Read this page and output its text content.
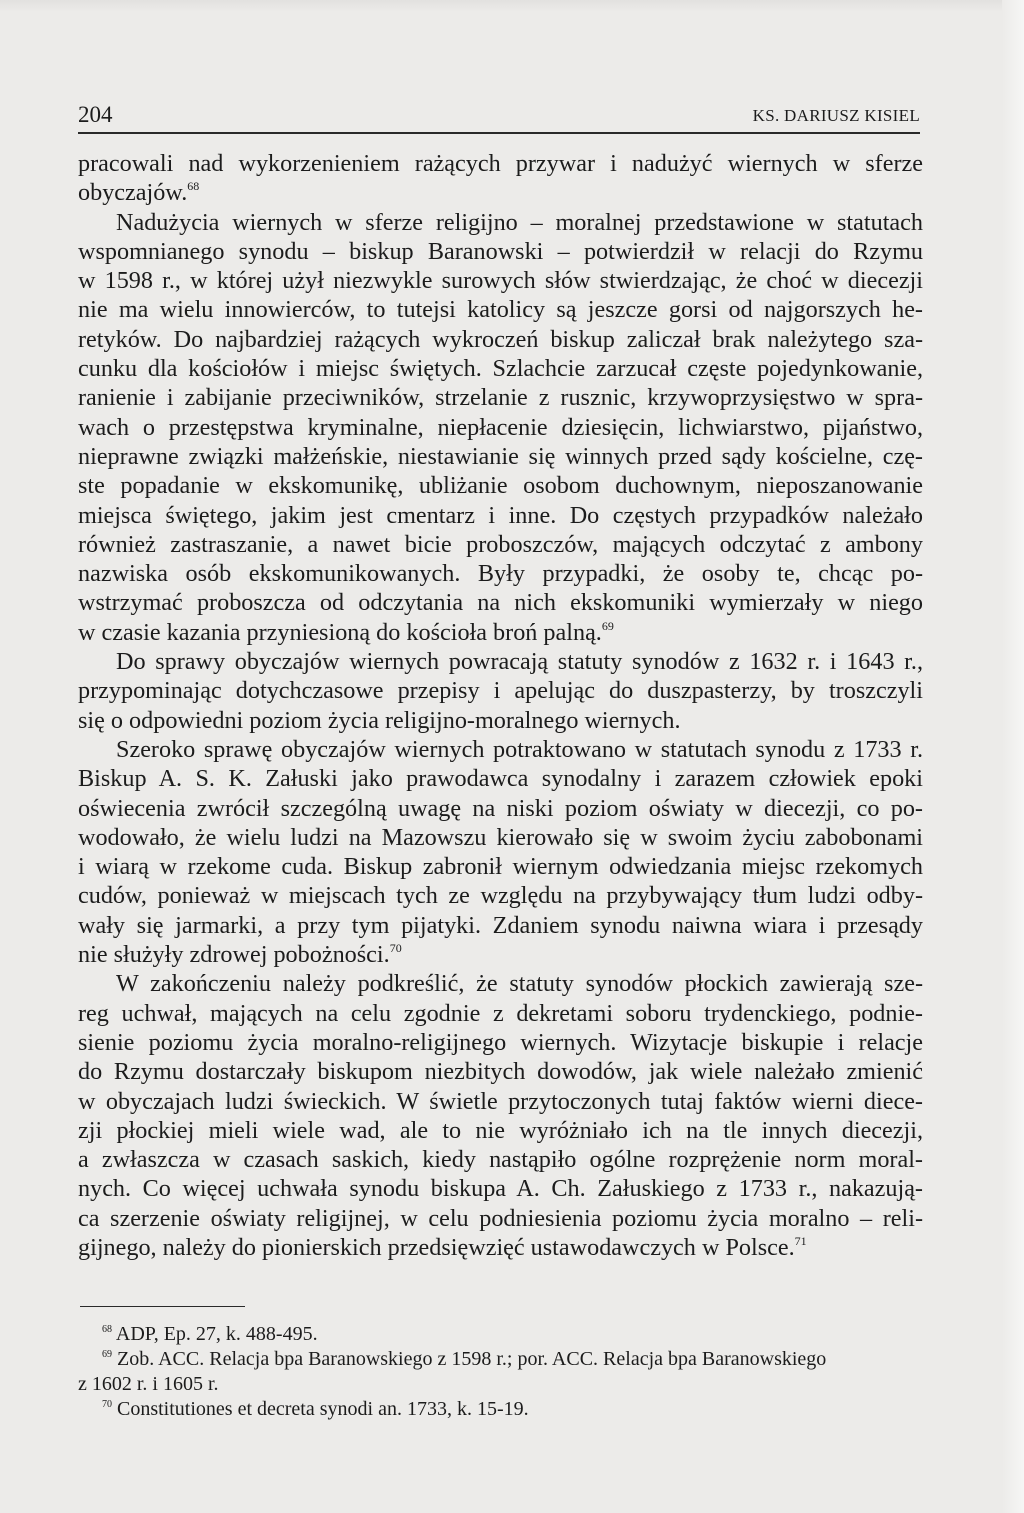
204	KS. DARIUSZ KISIEL
pracowali nad wykorzenieniem rażących przywar i nadużyć wiernych w sferze
obyczajów.$^{68}$
Nadużycia wiernych w sferze religijno – moralnej przedstawione w statutach
wspomnianego synodu – biskup Baranowski – potwierdził w relacji do Rzymu
w 1598 r., w której użył niezwykle surowych słów stwierdzając, że choć w diecezji
nie ma wielu innowierców, to tutejsi katolicy są jeszcze gorsi od najgorszych he-
retyków. Do najbardziej rażących wykroczeń biskup zaliczał brak należytego sza-
cunku dla kościołów i miejsc świętych. Szlachcie zarzucał częste pojedynkowanie,
ranienie i zabijanie przeciwników, strzelanie z rusznic, krzywoprzysięstwo w spra-
wach o przestępstwa kryminalne, niepłacenie dziesięcin, lichwiarstwo, pijaństwo,
nieprawne związki małżeńskie, niestawianie się winnych przed sądy kościelne, czę-
ste popadanie w ekskomunikę, ubliżanie osobom duchownym, nieposzanowanie
miejsca świętego, jakim jest cmentarz i inne. Do częstych przypadków należało
również zastraszanie, a nawet bicie proboszczów, mających odczytać z ambony
nazwiska osób ekskomunikowanych. Były przypadki, że osoby te, chcąc po-
wstrzymać proboszcza od odczytania na nich ekskomuniki wymierzały w niego
w czasie kazania przyniesioną do kościoła broń palną.$^{69}$
Do sprawy obyczajów wiernych powracają statuty synodów z 1632 r. i 1643 r.,
przypominając dotychczasowe przepisy i apelując do duszpasterzy, by troszczyli
się o odpowiedni poziom życia religijno-moralnego wiernych.
Szeroko sprawę obyczajów wiernych potraktowano w statutach synodu z 1733 r.
Biskup A. S. K. Załuski jako prawodawca synodalny i zarazem człowiek epoki
oświecenia zwrócił szczególną uwagę na niski poziom oświaty w diecezji, co po-
wodowało, że wielu ludzi na Mazowszu kierowało się w swoim życiu zabobonami
i wiarą w rzekome cuda. Biskup zabronił wiernym odwiedzania miejsc rzekomych
cudów, ponieważ w miejscach tych ze względu na przybywający tłum ludzi odby-
wały się jarmarki, a przy tym pijatyki. Zdaniem synodu naiwna wiara i przesądy
nie służyły zdrowej pobożności.$^{70}$
W zakończeniu należy podkreślić, że statuty synodów płockich zawierają sze-
reg uchwał, mających na celu zgodnie z dekretami soboru trydenckiego, podnie-
sienie poziomu życia moralno-religijnego wiernych. Wizytacje biskupie i relacje
do Rzymu dostarczały biskupom niezbitych dowodów, jak wiele należało zmienić
w obyczajach ludzi świeckich. W świetle przytoczonych tutaj faktów wierni diece-
zji płockiej mieli wiele wad, ale to nie wyróżniało ich na tle innych diecezji,
a zwłaszcza w czasach saskich, kiedy nastąpiło ogólne rozprężenie norm moral-
nych. Co więcej uchwała synodu biskupa A. Ch. Załuskiego z 1733 r., nakazują-
ca szerzenie oświaty religijnej, w celu podniesienia poziomu życia moralno – reli-
gijnego, należy do pionierskich przedsięwzięć ustawodawczych w Polsce.$^{71}$
$^{68}$ ADP, Ep. 27, k. 488-495.
$^{69}$ Zob. ACC. Relacja bpa Baranowskiego z 1598 r.; por. ACC. Relacja bpa Baranowskiego
z 1602 r. i 1605 r.
$^{70}$ Constitutiones et decreta synodi an. 1733, k. 15-19.
